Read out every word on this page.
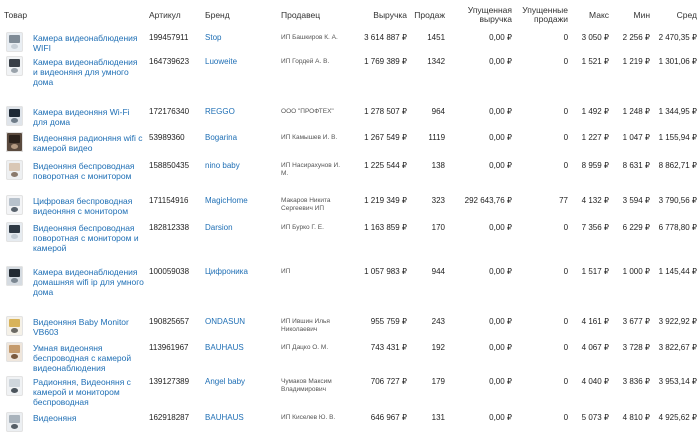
Товар		Артикул	Бренд	Продавец	Выручка	Продаж	Упущенная выручка	Упущенные продажи	Макс	Мин	Сред

	Камера видеонаблюдения WIFI	199457911	Stop	ИП Башкиров К. А.	3 614 887 ₽	1451	0,00 ₽	0	3 050 ₽	2 256 ₽	2 470,35 ₽

	Камера видеонаблюдения и видеоняня для умного дома	164739623	Luoweite	ИП Гордей А. В.	1 769 389 ₽	1342	0,00 ₽	0	1 521 ₽	1 219 ₽	1 301,06 ₽

	Камера видеоняня Wi-Fi для дома	172176340	REGGO	ООО "ПРОФТЕХ"	1 278 507 ₽	964	0,00 ₽	0	1 492 ₽	1 248 ₽	1 344,95 ₽

	Видеоняня радионяня wifi с камерой видео	53989360	Bogarina	ИП Камышев И. В.	1 267 549 ₽	1119	0,00 ₽	0	1 227 ₽	1 047 ₽	1 155,94 ₽

	Видеоняня беспроводная поворотная с монитором	158850435	nino baby	ИП Насирахунов И. М.	1 225 544 ₽	138	0,00 ₽	0	8 959 ₽	8 631 ₽	8 862,71 ₽

	Цифровая беспроводная видеоняня с монитором	171154916	MagicHome	Макаров Никита Сергеевич ИП	1 219 349 ₽	323	292 643,76 ₽	77	4 132 ₽	3 594 ₽	3 790,56 ₽

	Видеоняня беспроводная поворотная с монитором и камерой	182812338	Darsion	ИП Бурко Г. Е.	1 163 859 ₽	170	0,00 ₽	0	7 356 ₽	6 229 ₽	6 778,80 ₽

	Камера видеонаблюдения домашняя wifi ip для умного дома	100059038	Цифроника	ИП	1 057 983 ₽	944	0,00 ₽	0	1 517 ₽	1 000 ₽	1 145,44 ₽

	Видеоняня Baby Monitor VB603	190825657	ONDASUN	ИП Ившин Илья Николаевич	955 759 ₽	243	0,00 ₽	0	4 161 ₽	3 677 ₽	3 922,92 ₽

	Умная видеоняня беспроводная с камерой видеонаблюдения	113961967	BAUHAUS	ИП Дацко О. М.	743 431 ₽	192	0,00 ₽	0	4 067 ₽	3 728 ₽	3 822,67 ₽

	Радионяня, Видеоняня с камерой и монитором беспроводная	139127389	Angel baby	Чумаков Максим Владимирович	706 727 ₽	179	0,00 ₽	0	4 040 ₽	3 836 ₽	3 953,14 ₽

	Видеоняня	162918287	BAUHAUS	ИП Киселев Ю. В.	646 967 ₽	131	0,00 ₽	0	5 073 ₽	4 810 ₽	4 925,62 ₽
